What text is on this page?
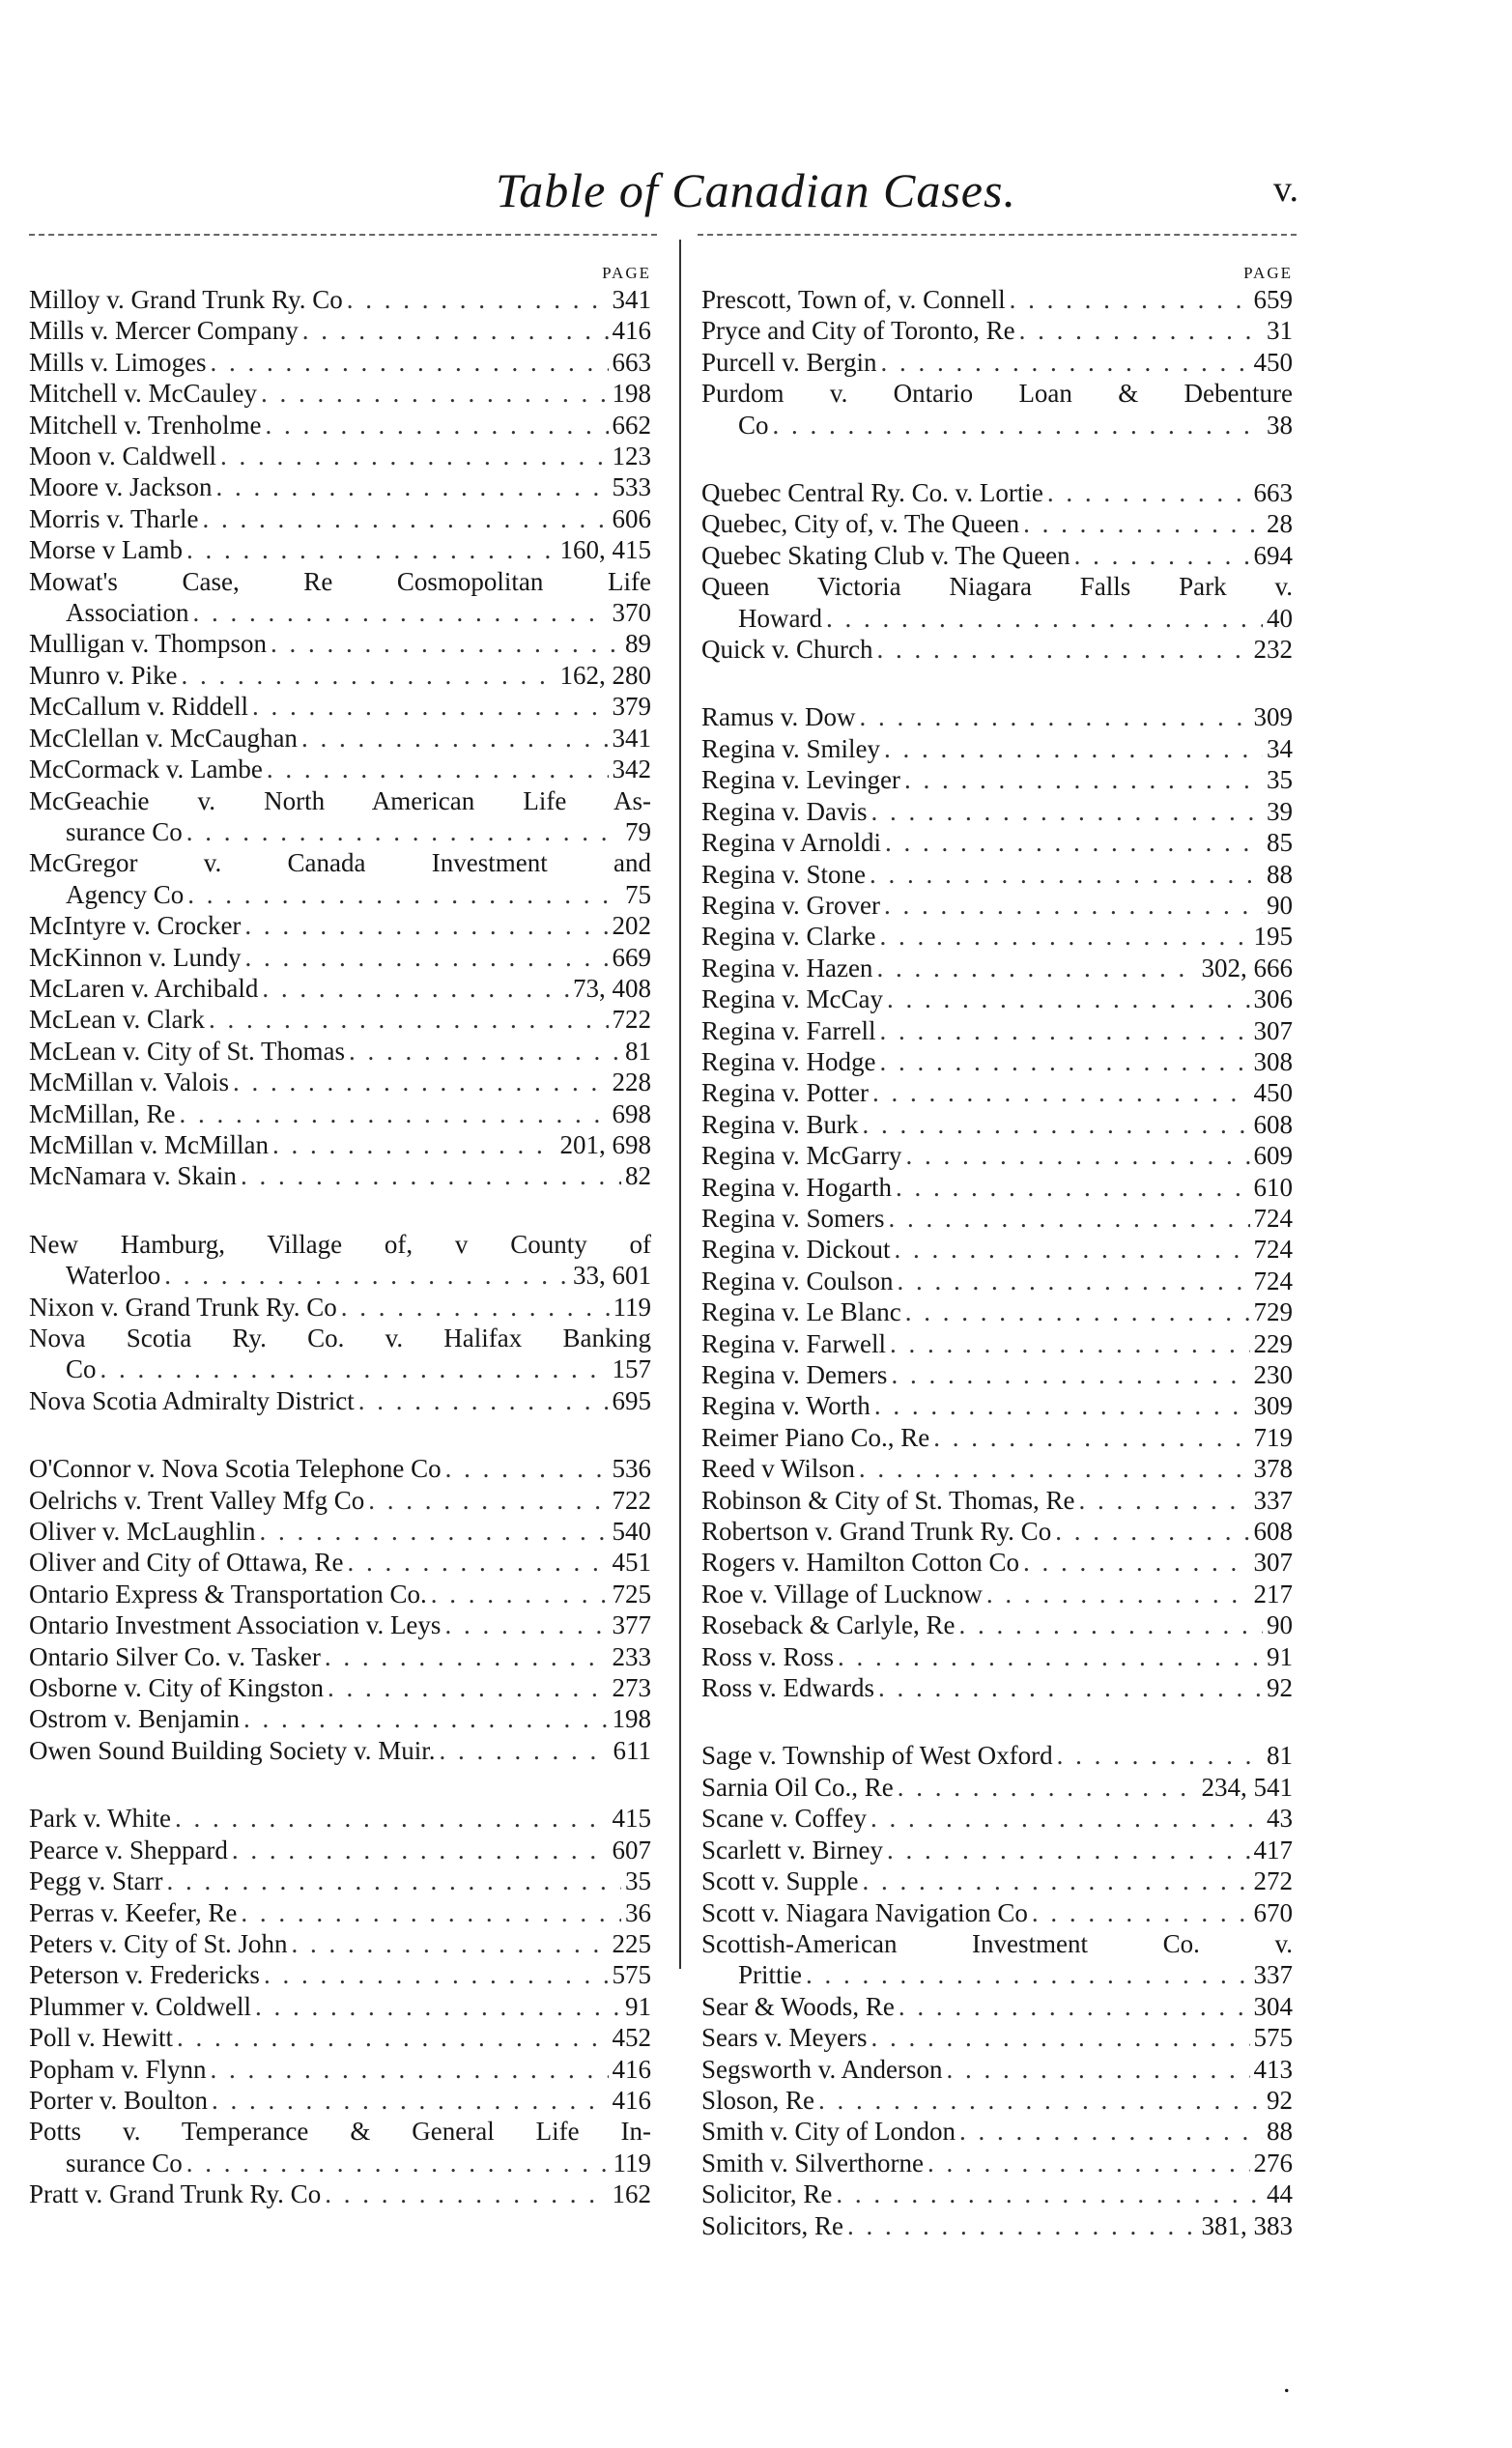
Table of Canadian Cases.	v.
PAGE
Milloy v. Grand Trunk Ry. Co . . .	341
Mills v. Mercer Company . . .	416
Mills v. Limoges . . .	663
Mitchell v. McCauley . . .	198
Mitchell v. Trenholme . . .	662
Moon v. Caldwell . . .	123
Moore v. Jackson . . .	533
Morris v. Tharle . . .	606
Morse v Lamb . . .	160, 415
Mowat's Case, Re Cosmopolitan Life
Association . . .	370
Mulligan v. Thompson . . .	89
Munro v. Pike . . .	162, 280
McCallum v. Riddell . . .	379
McClellan v. McCaughan . . .	341
McCormack v. Lambe . . .	342
McGeachie v. North American Life As-
surance Co . . .	79
McGregor v. Canada Investment and
Agency Co . . .	75
McIntyre v. Crocker . . .	202
McKinnon v. Lundy . . .	669
McLaren v. Archibald . . .	73, 408
McLean v. Clark . . .	722
McLean v. City of St. Thomas . . .	81
McMillan v. Valois . . .	228
McMillan, Re . . .	698
McMillan v. McMillan . . .	201, 698
McNamara v. Skain . . .	82
New Hamburg, Village of, v County of
Waterloo . . .	33, 601
Nixon v. Grand Trunk Ry. Co . . .	119
Nova Scotia Ry. Co. v. Halifax Banking
Co . . .	157
Nova Scotia Admiralty District . . .	695
O'Connor v. Nova Scotia Telephone Co . . .	536
Oelrichs v. Trent Valley Mfg Co . . .	722
Oliver v. McLaughlin . . .	540
Oliver and City of Ottawa, Re . . .	451
Ontario Express & Transportation Co. . . .	725
Ontario Investment Association v. Leys . . .	377
Ontario Silver Co. v. Tasker . . .	233
Osborne v. City of Kingston . . .	273
Ostrom v. Benjamin . . .	198
Owen Sound Building Society v. Muir. . . .	611
Park v. White . . .	415
Pearce v. Sheppard . . .	607
Pegg v. Starr . . .	35
Perras v. Keefer, Re . . .	36
Peters v. City of St. John . . .	225
Peterson v. Fredericks . . .	575
Plummer v. Coldwell . . .	91
Poll v. Hewitt . . .	452
Popham v. Flynn . . .	416
Porter v. Boulton . . .	416
Potts v. Temperance & General Life In-
surance Co . . .	119
Pratt v. Grand Trunk Ry. Co . . .	162
PAGE
Prescott, Town of, v. Connell . . .	659
Pryce and City of Toronto, Re . . .	31
Purcell v. Bergin . . .	450
Purdom v. Ontario Loan & Debenture
Co . . .	38
Quebec Central Ry. Co. v. Lortie . . .	663
Quebec, City of, v. The Queen . . .	28
Quebec Skating Club v. The Queen . . .	694
Queen Victoria Niagara Falls Park v.
Howard . . .	40
Quick v. Church . . .	232
Ramus v. Dow . . .	309
Regina v. Smiley . . .	34
Regina v. Levinger . . .	35
Regina v. Davis . . .	39
Regina v Arnoldi . . .	85
Regina v. Stone . . .	88
Regina v. Grover . . .	90
Regina v. Clarke . . .	195
Regina v. Hazen . . .	302, 666
Regina v. McCay . . .	306
Regina v. Farrell . . .	307
Regina v. Hodge . . .	308
Regina v. Potter . . .	450
Regina v. Burk . . .	608
Regina v. McGarry . . .	609
Regina v. Hogarth . . .	610
Regina v. Somers . . .	724
Regina v. Dickout . . .	724
Regina v. Coulson . . .	724
Regina v. Le Blanc . . .	729
Regina v. Farwell . . .	229
Regina v. Demers . . .	230
Regina v. Worth . . .	309
Reimer Piano Co., Re . . .	719
Reed v Wilson . . .	378
Robinson & City of St. Thomas, Re . . .	337
Robertson v. Grand Trunk Ry. Co . . .	608
Rogers v. Hamilton Cotton Co . . .	307
Roe v. Village of Lucknow . . .	217
Roseback & Carlyle, Re . . .	90
Ross v. Ross . . .	91
Ross v. Edwards . . .	92
Sage v. Township of West Oxford . . .	81
Sarnia Oil Co., Re . . .	234, 541
Scane v. Coffey . . .	43
Scarlett v. Birney . . .	417
Scott v. Supple . . .	272
Scott v. Niagara Navigation Co . . .	670
Scottish-American Investment Co. v.
Prittie . . .	337
Sear & Woods, Re . . .	304
Sears v. Meyers . . .	575
Segsworth v. Anderson . . .	413
Sloson, Re . . .	92
Smith v. City of London . . .	88
Smith v. Silverthorne . . .	276
Solicitor, Re . . .	44
Solicitors, Re . . .	381, 383
.
